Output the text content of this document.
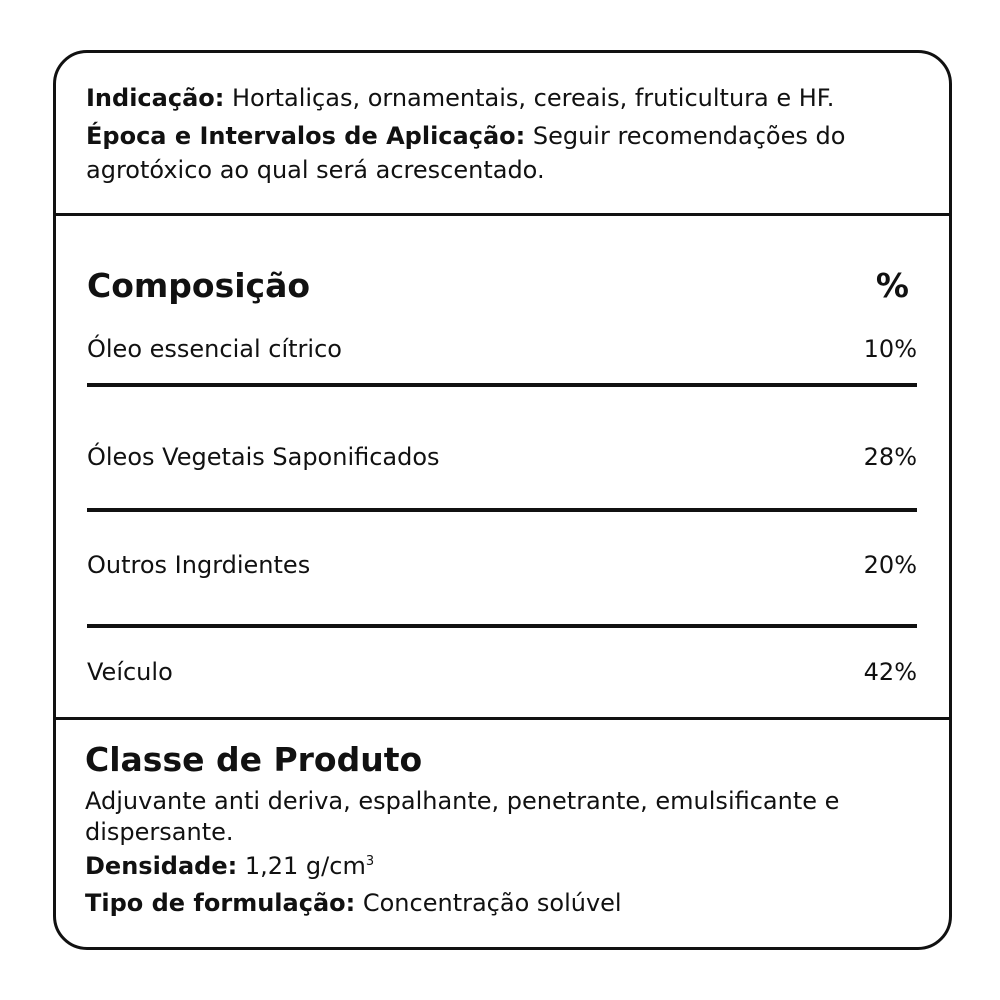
Indicação: Hortaliças, ornamentais, cereais, fruticultura e HF.
Época e Intervalos de Aplicação: Seguir recomendações do agrotóxico ao qual será acrescentado.
Composição	%
Óleo essencial cítrico	10%
Óleos Vegetais Saponificados	28%
Outros Ingrdientes	20%
Veículo	42%
Classe de Produto
Adjuvante anti deriva, espalhante, penetrante, emulsificante e dispersante.
Densidade: 1,21 $g/cm^3$
Tipo de formulação: Concentração solúvel
